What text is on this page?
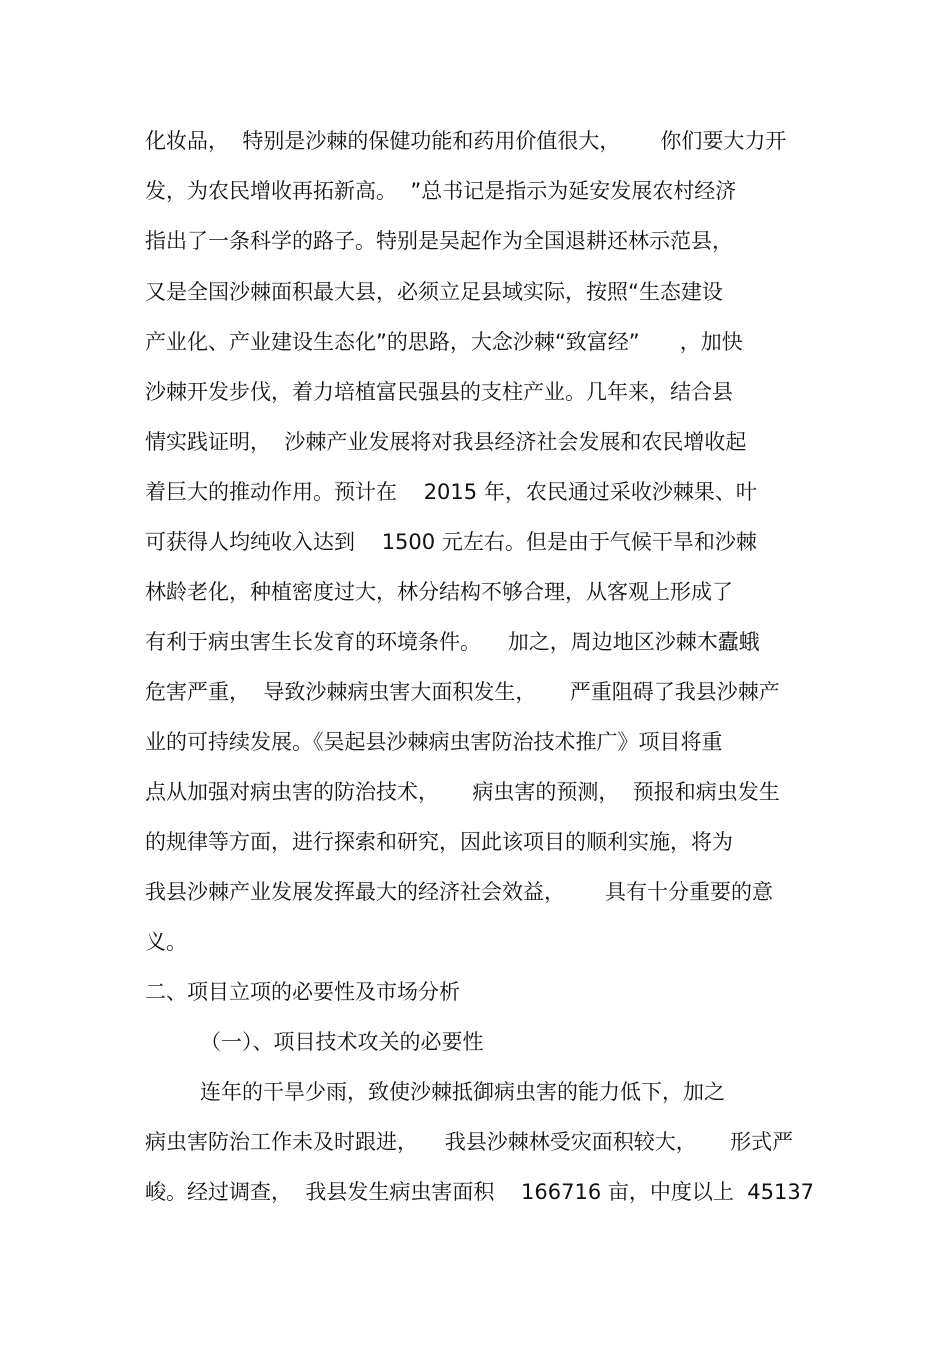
化妆品，  特别是沙棘的保健功能和药用价值很大，      你们要大力开
发，为农民增收再拓新高。  ”总书记是指示为延安发展农村经济
指出了一条科学的路子。特别是吴起作为全国退耕还林示范县，
又是全国沙棘面积最大县，必须立足县域实际，按照“生态建设
产业化、产业建设生态化”的思路，大念沙棘“致富经”      ，加快
沙棘开发步伐，着力培植富民强县的支柱产业。几年来，结合县
情实践证明，  沙棘产业发展将对我县经济社会发展和农民增收起
着巨大的推动作用。预计在    2015 年，农民通过采收沙棘果、叶
可获得人均纯收入达到    1500 元左右。但是由于气候干旱和沙棘
林龄老化，种植密度过大，林分结构不够合理，从客观上形成了
有利于病虫害生长发育的环境条件。    加之，周边地区沙棘木蠹蛾
危害严重，  导致沙棘病虫害大面积发生，     严重阻碍了我县沙棘产
业的可持续发展。《吴起县沙棘病虫害防治技术推广》项目将重
点从加强对病虫害的防治技术，     病虫害的预测，  预报和病虫发生
的规律等方面，进行探索和研究，因此该项目的顺利实施，将为
我县沙棘产业发展发挥最大的经济社会效益，      具有十分重要的意
义。
二、项目立项的必要性及市场分析
（一）、项目技术攻关的必要性
连年的干旱少雨，致使沙棘抵御病虫害的能力低下，加之
病虫害防治工作未及时跟进，    我县沙棘林受灾面积较大，     形式严
峻。经过调查，  我县发生病虫害面积    166716 亩，中度以上  45137
